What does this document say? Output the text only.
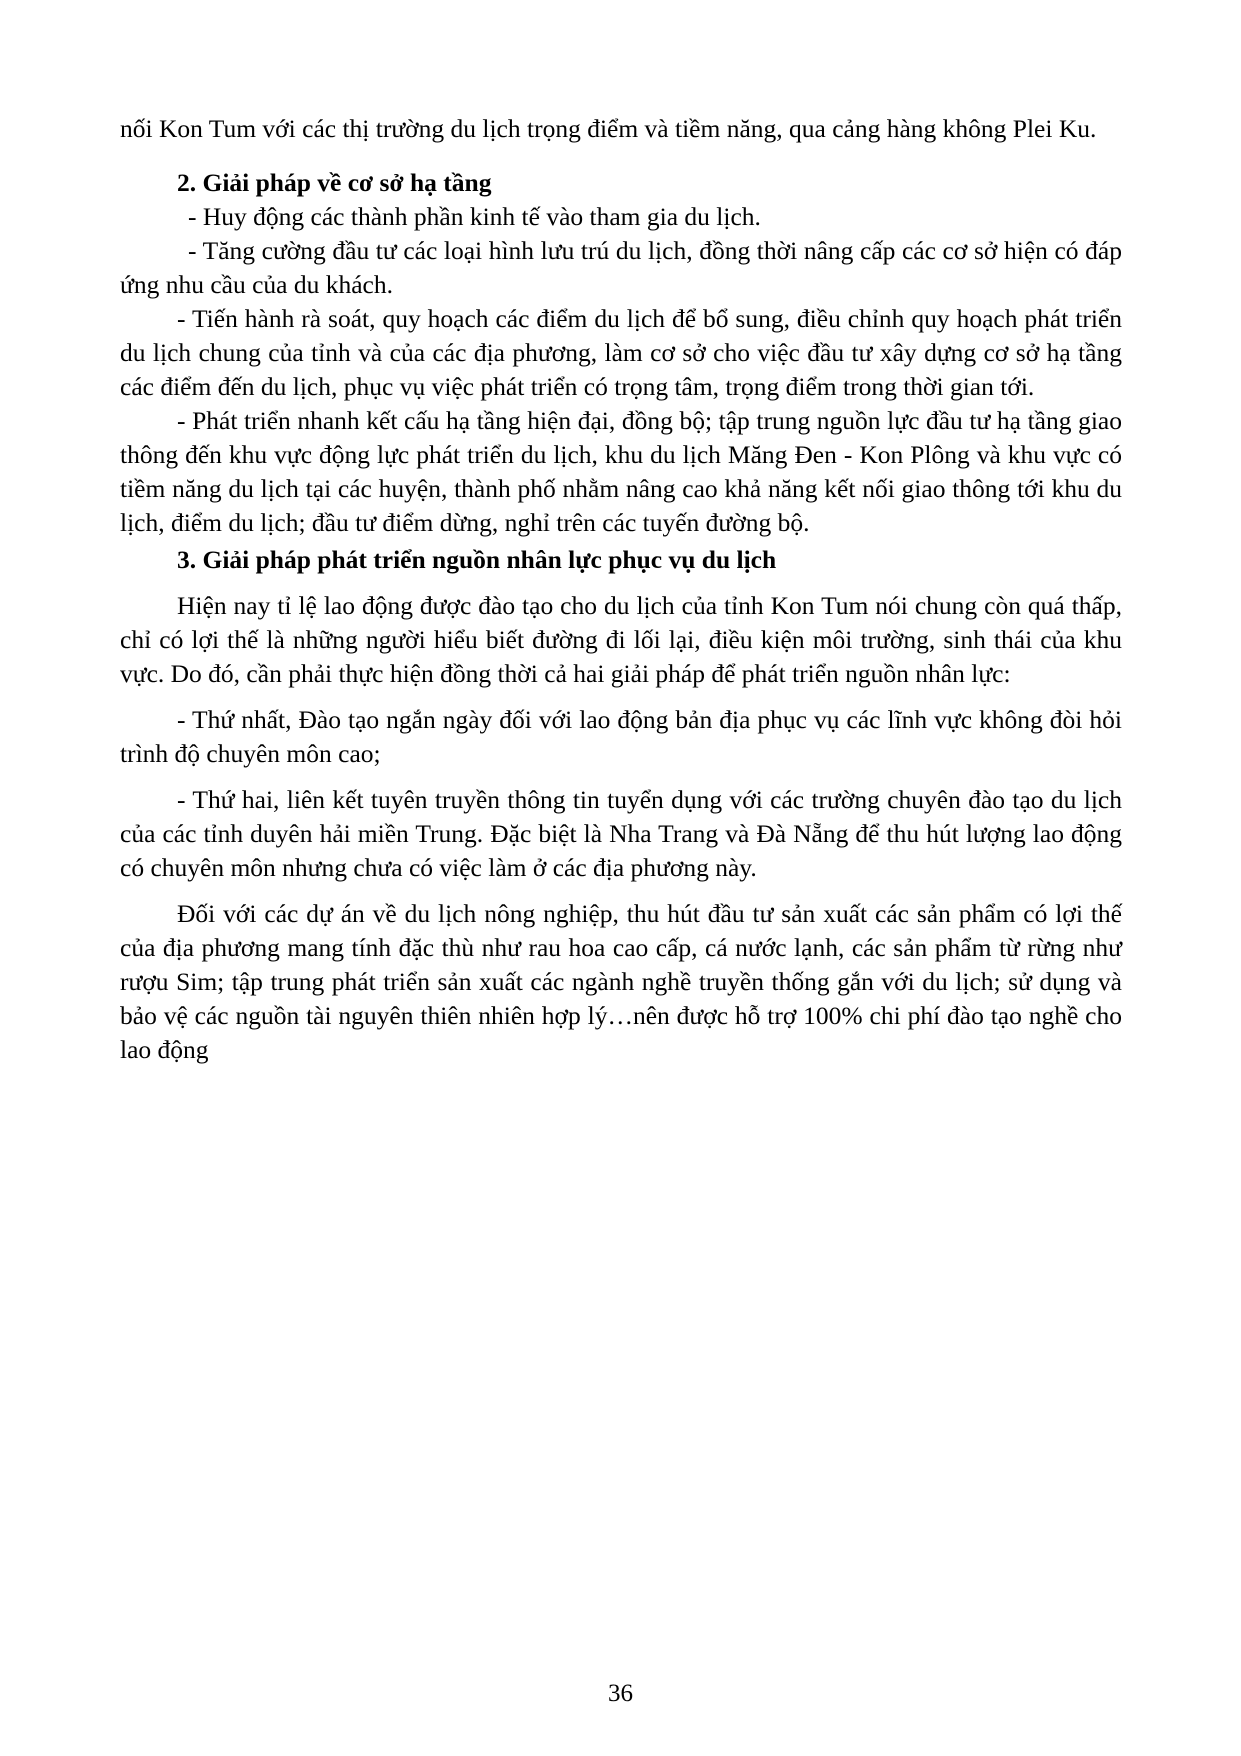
nối Kon Tum với các thị trường du lịch trọng điểm và tiềm năng, qua cảng hàng không Plei Ku.

2. Giải pháp về cơ sở hạ tầng

- Huy động các thành phần kinh tế vào tham gia du lịch.

- Tăng cường đầu tư các loại hình lưu trú du lịch, đồng thời nâng cấp các cơ sở hiện có đáp ứng nhu cầu của du khách.

- Tiến hành rà soát, quy hoạch các điểm du lịch để bổ sung, điều chỉnh quy hoạch phát triển du lịch chung của tỉnh và của các địa phương, làm cơ sở cho việc đầu tư xây dựng cơ sở hạ tầng các điểm đến du lịch, phục vụ việc phát triển có trọng tâm, trọng điểm trong thời gian tới.

- Phát triển nhanh kết cấu hạ tầng hiện đại, đồng bộ; tập trung nguồn lực đầu tư hạ tầng giao thông đến khu vực động lực phát triển du lịch, khu du lịch Măng Đen - Kon Plông và khu vực có tiềm năng du lịch tại các huyện, thành phố nhằm nâng cao khả năng kết nối giao thông tới khu du lịch, điểm du lịch; đầu tư điểm dừng, nghỉ trên các tuyến đường bộ.

3. Giải pháp phát triển nguồn nhân lực phục vụ du lịch

Hiện nay tỉ lệ lao động được đào tạo cho du lịch của tỉnh Kon Tum nói chung còn quá thấp, chỉ có lợi thế là những người hiểu biết đường đi lối lại, điều kiện môi trường, sinh thái của khu vực. Do đó, cần phải thực hiện đồng thời cả hai giải pháp để phát triển nguồn nhân lực:

- Thứ nhất, Đào tạo ngắn ngày đối với lao động bản địa phục vụ các lĩnh vực không đòi hỏi trình độ chuyên môn cao;

- Thứ hai, liên kết tuyên truyền thông tin tuyển dụng với các trường chuyên đào tạo du lịch của các tỉnh duyên hải miền Trung. Đặc biệt là Nha Trang và Đà Nẵng để thu hút lượng lao động có chuyên môn nhưng chưa có việc làm ở các địa phương này.

Đối với các dự án về du lịch nông nghiệp, thu hút đầu tư sản xuất các sản phẩm có lợi thế của địa phương mang tính đặc thù như rau hoa cao cấp, cá nước lạnh, các sản phẩm từ rừng như rượu Sim; tập trung phát triển sản xuất các ngành nghề truyền thống gắn với du lịch; sử dụng và bảo vệ các nguồn tài nguyên thiên nhiên hợp lý…nên được hỗ trợ 100% chi phí đào tạo nghề cho lao động

36
